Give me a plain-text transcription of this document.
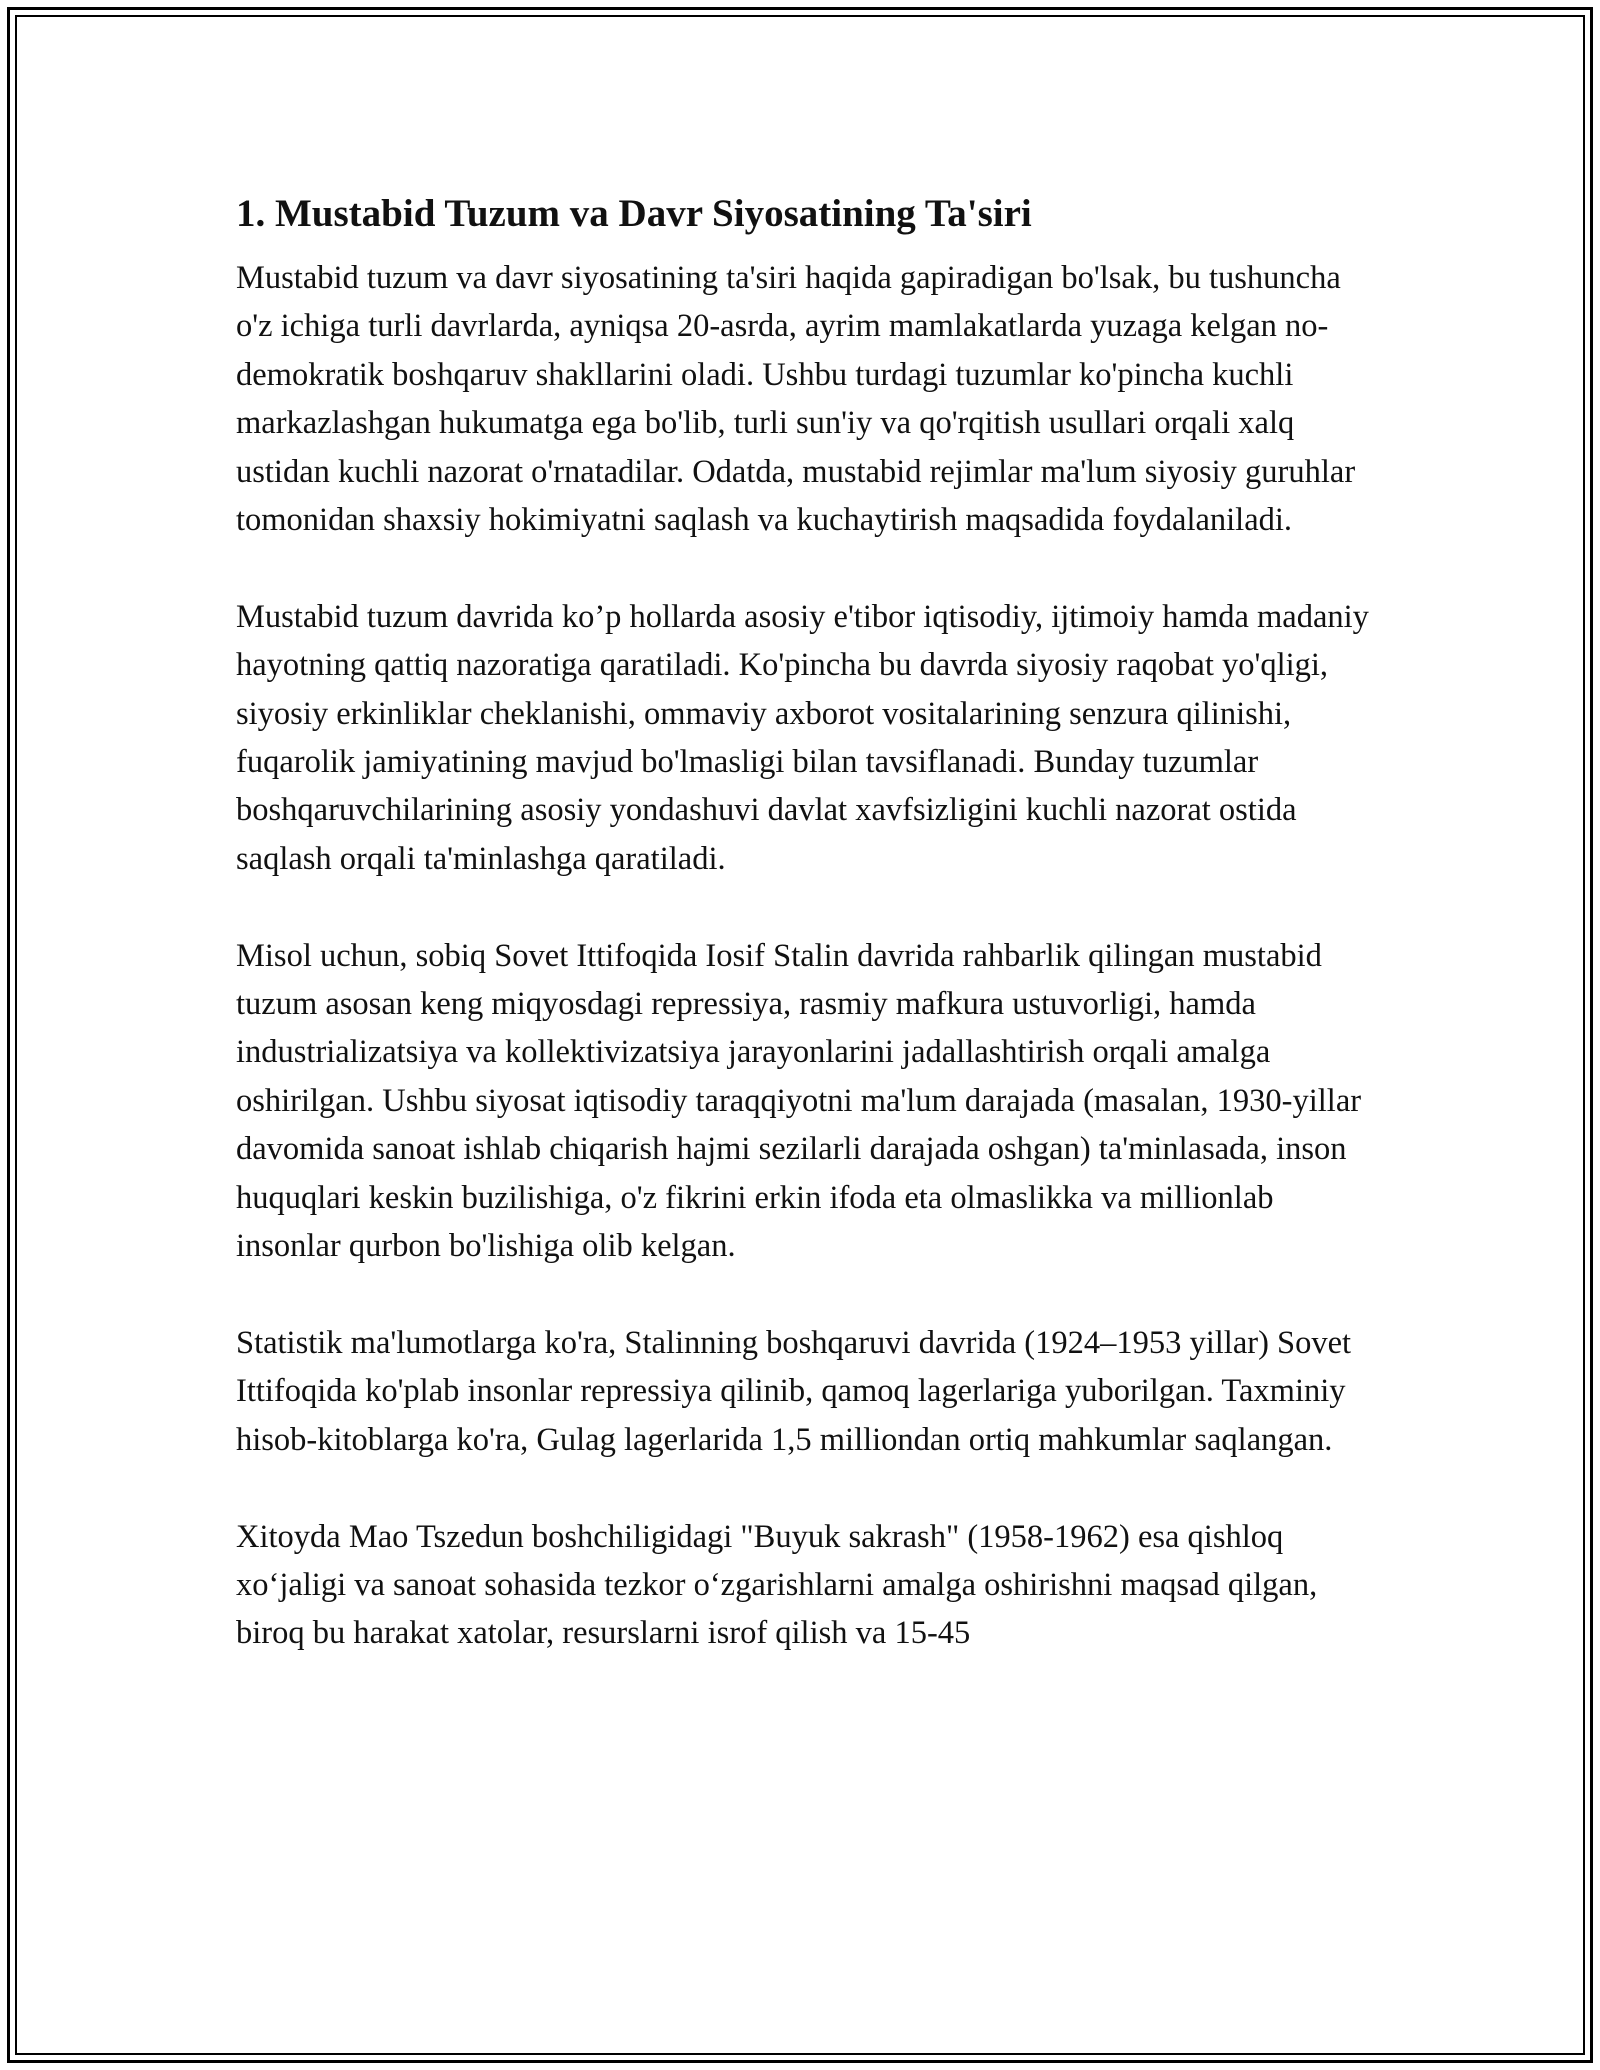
1. Mustabid Tuzum va Davr Siyosatining Ta'siri

Mustabid tuzum va davr siyosatining ta'siri haqida gapiradigan bo'lsak, bu tushuncha o'z ichiga turli davrlarda, ayniqsa 20-asrda, ayrim mamlakatlarda yuzaga kelgan no-demokratik boshqaruv shakllarini oladi. Ushbu turdagi tuzumlar ko'pincha kuchli markazlashgan hukumatga ega bo'lib, turli sun'iy va qo'rqitish usullari orqali xalq ustidan kuchli nazorat o'rnatadilar. Odatda, mustabid rejimlar ma'lum siyosiy guruhlar tomonidan shaxsiy hokimiyatni saqlash va kuchaytirish maqsadida foydalaniladi.

Mustabid tuzum davrida ko’p hollarda asosiy e'tibor iqtisodiy, ijtimoiy hamda madaniy hayotning qattiq nazoratiga qaratiladi. Ko'pincha bu davrda siyosiy raqobat yo'qligi, siyosiy erkinliklar cheklanishi, ommaviy axborot vositalarining senzura qilinishi, fuqarolik jamiyatining mavjud bo'lmasligi bilan tavsiflanadi. Bunday tuzumlar boshqaruvchilarining asosiy yondashuvi davlat xavfsizligini kuchli nazorat ostida saqlash orqali ta'minlashga qaratiladi.

Misol uchun, sobiq Sovet Ittifoqida Iosif Stalin davrida rahbarlik qilingan mustabid tuzum asosan keng miqyosdagi repressiya, rasmiy mafkura ustuvorligi, hamda industrializatsiya va kollektivizatsiya jarayonlarini jadallashtirish orqali amalga oshirilgan. Ushbu siyosat iqtisodiy taraqqiyotni ma'lum darajada (masalan, 1930-yillar davomida sanoat ishlab chiqarish hajmi sezilarli darajada oshgan) ta'minlasada, inson huquqlari keskin buzilishiga, o'z fikrini erkin ifoda eta olmaslikka va millionlab insonlar qurbon bo'lishiga olib kelgan.

Statistik ma'lumotlarga ko'ra, Stalinning boshqaruvi davrida (1924–1953 yillar) Sovet Ittifoqida ko'plab insonlar repressiya qilinib, qamoq lagerlariga yuborilgan. Taxminiy hisob-kitoblarga ko'ra, Gulag lagerlarida 1,5 milliondan ortiq mahkumlar saqlangan.

Xitoyda Mao Tszedun boshchiligidagi "Buyuk sakrash" (1958-1962) esa qishloq xo‘jaligi va sanoat sohasida tezkor o‘zgarishlarni amalga oshirishni maqsad qilgan, biroq bu harakat xatolar, resurslarni isrof qilish va 15-45
